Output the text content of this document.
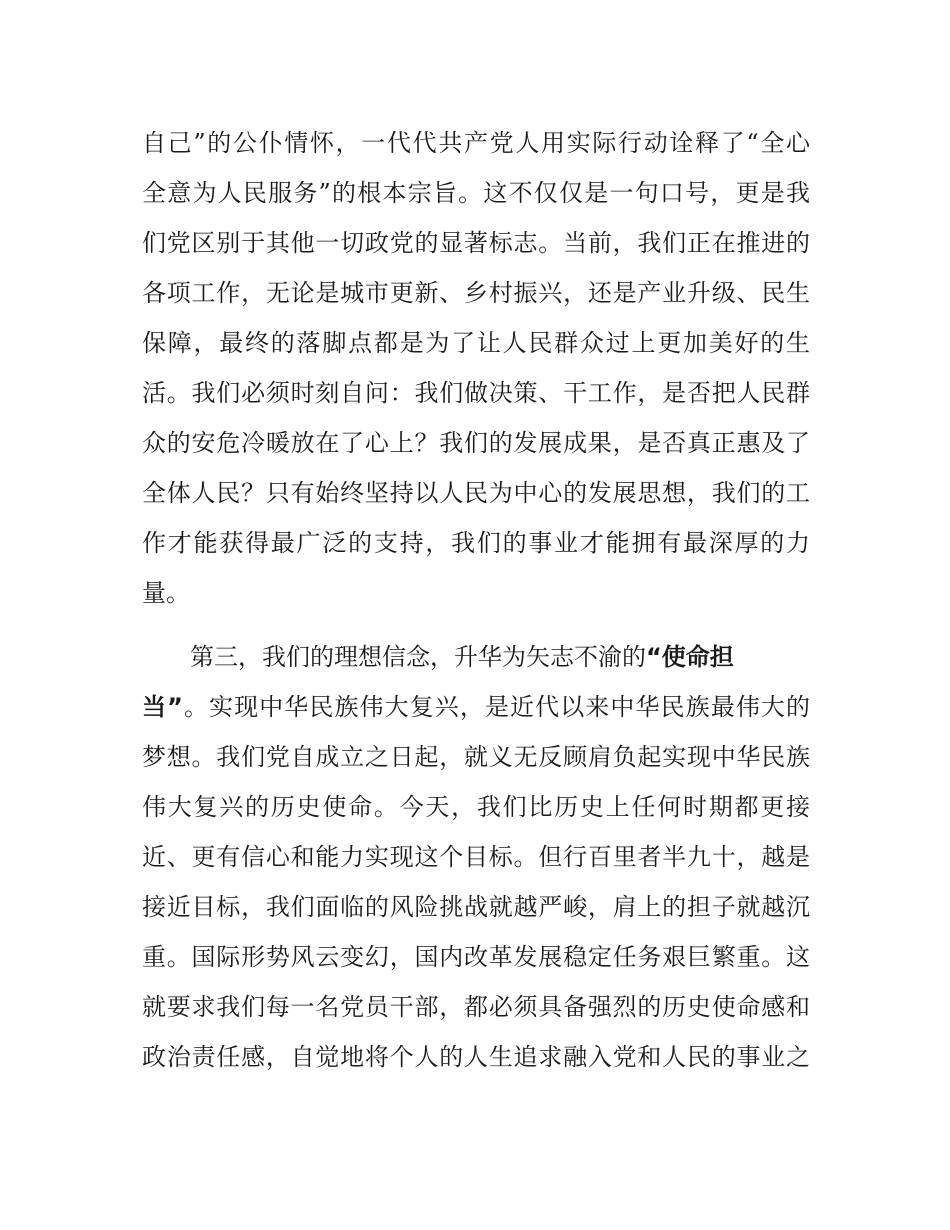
自己”的公仆情怀，一代代共产党人用实际行动诠释了“全心

全意为人民服务”的根本宗旨。这不仅仅是一句口号，更是我

们党区别于其他一切政党的显著标志。当前，我们正在推进的

各项工作，无论是城市更新、乡村振兴，还是产业升级、民生

保障，最终的落脚点都是为了让人民群众过上更加美好的生

活。我们必须时刻自问：我们做决策、干工作，是否把人民群

众的安危冷暖放在了心上？我们的发展成果，是否真正惠及了

全体人民？只有始终坚持以人民为中心的发展思想，我们的工

作才能获得最广泛的支持，我们的事业才能拥有最深厚的力

量。

第三，我们的理想信念，升华为矢志不渝的“使命担

当”。实现中华民族伟大复兴，是近代以来中华民族最伟大的

梦想。我们党自成立之日起，就义无反顾肩负起实现中华民族

伟大复兴的历史使命。今天，我们比历史上任何时期都更接

近、更有信心和能力实现这个目标。但行百里者半九十，越是

接近目标，我们面临的风险挑战就越严峻，肩上的担子就越沉

重。国际形势风云变幻，国内改革发展稳定任务艰巨繁重。这

就要求我们每一名党员干部，都必须具备强烈的历史使命感和

政治责任感，自觉地将个人的人生追求融入党和人民的事业之
